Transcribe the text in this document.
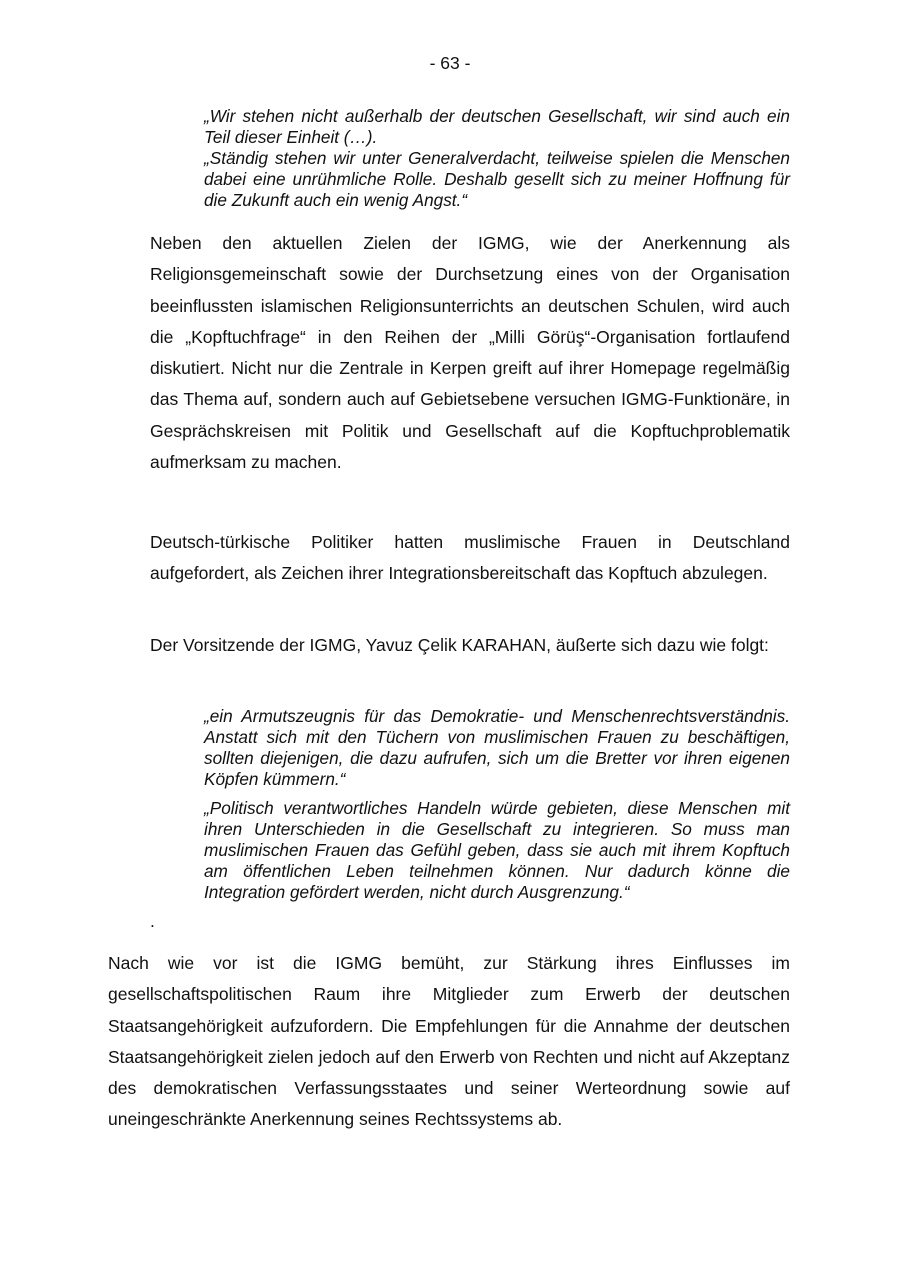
- 63 -

„Wir stehen nicht außerhalb der deutschen Gesellschaft, wir sind auch ein Teil dieser Einheit (…).

„Ständig stehen wir unter Generalverdacht, teilweise spielen die Menschen dabei eine unrühmliche Rolle. Deshalb gesellt sich zu meiner Hoffnung für die Zukunft auch ein wenig Angst.“

Neben den aktuellen Zielen der IGMG, wie der Anerkennung als Religionsgemeinschaft sowie der Durchsetzung eines von der Organisation beeinflussten islamischen Religionsunterrichts an deutschen Schulen, wird auch die „Kopftuchfrage“ in den Reihen der „Milli Görüş“-Organisation fortlaufend diskutiert. Nicht nur die Zentrale in Kerpen greift auf ihrer Homepage regelmäßig das Thema auf, sondern auch auf Gebietsebene versuchen IGMG-Funktionäre, in Gesprächskreisen mit Politik und Gesellschaft auf die Kopftuchproblematik aufmerksam zu machen.

Deutsch-türkische Politiker hatten muslimische Frauen in Deutschland aufgefordert, als Zeichen ihrer Integrationsbereitschaft das Kopftuch abzulegen.

Der Vorsitzende der IGMG, Yavuz Çelik KARAHAN, äußerte sich dazu wie folgt:

„ein Armutszeugnis für das Demokratie- und Menschenrechtsverständnis. Anstatt sich mit den Tüchern von muslimischen Frauen zu beschäftigen, sollten diejenigen, die dazu aufrufen, sich um die Bretter vor ihren eigenen Köpfen kümmern.“

„Politisch verantwortliches Handeln würde gebieten, diese Menschen mit ihren Unterschieden in die Gesellschaft zu integrieren. So muss man muslimischen Frauen das Gefühl geben, dass sie auch mit ihrem Kopftuch am öffentlichen Leben teilnehmen können. Nur dadurch könne die Integration gefördert werden, nicht durch Ausgrenzung.“

.

Nach wie vor ist die IGMG bemüht, zur Stärkung ihres Einflusses im gesellschaftspolitischen Raum ihre Mitglieder zum Erwerb der deutschen Staatsangehörigkeit aufzufordern. Die Empfehlungen für die Annahme der deutschen Staatsangehörigkeit zielen jedoch auf den Erwerb von Rechten und nicht auf Akzeptanz des demokratischen Verfassungsstaates und seiner Werteordnung sowie auf uneingeschränkte Anerkennung seines Rechtssystems ab.
